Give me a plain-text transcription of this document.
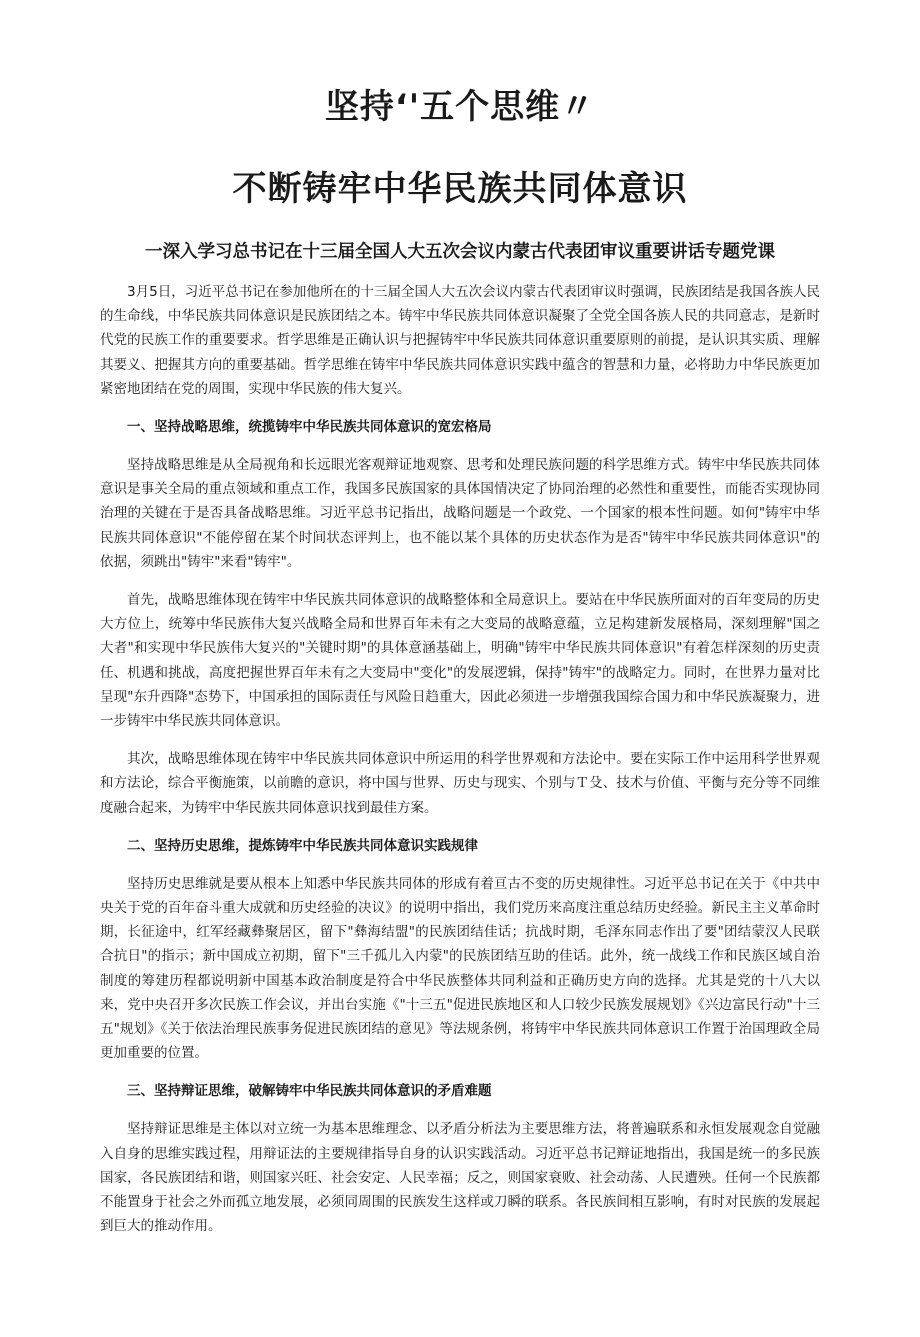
坚持‘'五个思维〃
不断铸牢中华民族共同体意识
一深入学习总书记在十三届全国人大五次会议内蒙古代表团审议重要讲话专题党课

3月5日，习近平总书记在参加他所在的十三届全国人大五次会议内蒙古代表团审议时强调，民族团结是我国各族人民的生命线，中华民族共同体意识是民族团结之本。铸牢中华民族共同体意识凝聚了全党全国各族人民的共同意志，是新时代党的民族工作的重要要求。哲学思维是正确认识与把握铸牢中华民族共同体意识重要原则的前提，是认识其实质、理解其要义、把握其方向的重要基础。哲学思维在铸牢中华民族共同体意识实践中蕴含的智慧和力量，必将助力中华民族更加紧密地团结在党的周围，实现中华民族的伟大复兴。

一、坚持战略思维，统揽铸牢中华民族共同体意识的宽宏格局

坚持战略思维是从全局视角和长远眼光客观辩证地观察、思考和处理民族问题的科学思维方式。铸牢中华民族共同体意识是事关全局的重点领域和重点工作，我国多民族国家的具体国情决定了协同治理的必然性和重要性，而能否实现协同治理的关键在于是否具备战略思维。习近平总书记指出，战略问题是一个政党、一个国家的根本性问题。如何"铸牢中华民族共同体意识"不能停留在某个时间状态评判上，也不能以某个具体的历史状态作为是否"铸牢中华民族共同体意识"的依据，须跳出"铸牢"来看"铸牢"。

首先，战略思维体现在铸牢中华民族共同体意识的战略整体和全局意识上。要站在中华民族所面对的百年变局的历史大方位上，统筹中华民族伟大复兴战略全局和世界百年未有之大变局的战略意蕴，立足构建新发展格局，深刻理解"国之大者"和实现中华民族伟大复兴的"关键时期"的具体意涵基础上，明确"铸牢中华民族共同体意识"有着怎样深刻的历史责任、机遇和挑战，高度把握世界百年未有之大变局中"变化"的发展逻辑，保持"铸牢"的战略定力。同时，在世界力量对比呈现"东升西降"态势下，中国承担的国际责任与风险日趋重大，因此必须进一步增强我国综合国力和中华民族凝聚力，进一步铸牢中华民族共同体意识。

其次，战略思维体现在铸牢中华民族共同体意识中所运用的科学世界观和方法论中。要在实际工作中运用科学世界观和方法论，综合平衡施策，以前瞻的意识，将中国与世界、历史与现实、个别与Ｔ殳、技术与价值、平衡与充分等不同维度融合起来，为铸牢中华民族共同体意识找到最佳方案。

二、坚持历史思维，提炼铸牢中华民族共同体意识实践规律

坚持历史思维就是要从根本上知悉中华民族共同体的形成有着亘古不变的历史规律性。习近平总书记在关于《中共中央关于党的百年奋斗重大成就和历史经验的决议》的说明中指出，我们党历来高度注重总结历史经验。新民主主义革命时期，长征途中，红军经藏彝聚居区，留下"彝海结盟"的民族团结佳话；抗战时期，毛泽东同志作出了要"团结蒙汉人民联合抗日"的指示；新中国成立初期，留下"三千孤儿入内蒙"的民族团结互助的佳话。此外，统一战线工作和民族区域自治制度的筹建历程都说明新中国基本政治制度是符合中华民族整体共同利益和正确历史方向的选择。尤其是党的十八大以来，党中央召开多次民族工作会议，并出台实施《"十三五"促进民族地区和人口较少民族发展规划》《兴边富民行动"十三五"规划》《关于依法治理民族事务促进民族团结的意见》等法规条例，将铸牢中华民族共同体意识工作置于治国理政全局更加重要的位置。

三、坚持辩证思维，破解铸牢中华民族共同体意识的矛盾难题

坚持辩证思维是主体以对立统一为基本思维理念、以矛盾分析法为主要思维方法，将普遍联系和永恒发展观念自觉融入自身的思维实践过程，用辩证法的主要规律指导自身的认识实践活动。习近平总书记辩证地指出，我国是统一的多民族国家，各民族团结和谐，则国家兴旺、社会安定、人民幸福；反之，则国家衰败、社会动荡、人民遭殃。任何一个民族都不能置身于社会之外而孤立地发展，必须同周围的民族发生这样或刀瞬的联系。各民族间相互影响，有时对民族的发展起到巨大的推动作用。
